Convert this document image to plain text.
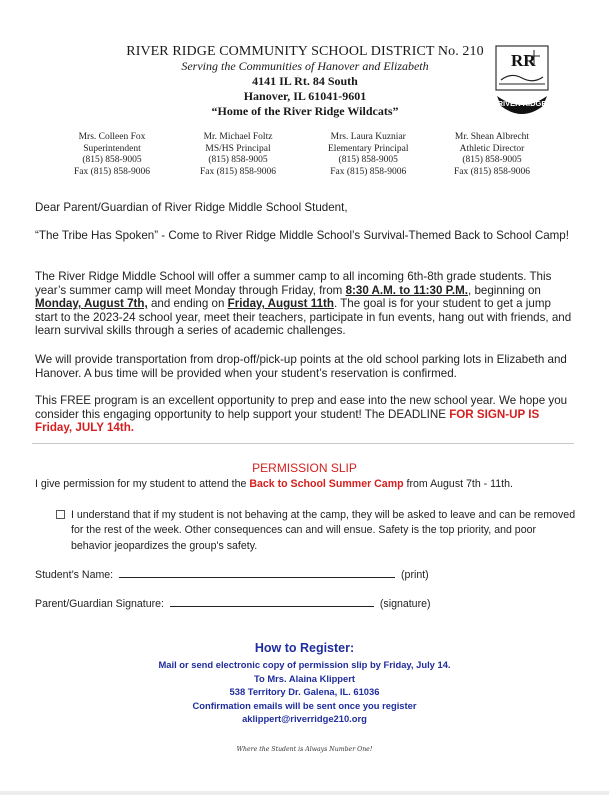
RIVER RIDGE COMMUNITY SCHOOL DISTRICT No. 210
Serving the Communities of Hanover and Elizabeth
4141 IL Rt. 84 South
Hanover, IL 61041-9601
“Home of the River Ridge Wildcats”
RR
RIVER RIDGE
Mrs. Colleen Fox
Superintendent
(815) 858-9005
Fax (815) 858-9006
Mr. Michael Foltz
MS/HS Principal
(815) 858-9005
Fax (815) 858-9006
Mrs. Laura Kuzniar
Elementary Principal
(815) 858-9005
Fax (815) 858-9006
Mr. Shean Albrecht
Athletic Director
(815) 858-9005
Fax (815) 858-9006
Dear Parent/Guardian of River Ridge Middle School Student,
“The Tribe Has Spoken” - Come to River Ridge Middle School’s Survival-Themed Back to School Camp!
The River Ridge Middle School will offer a summer camp to all incoming 6th-8th grade students. This year’s summer camp will meet Monday through Friday, from 8:30 A.M. to 11:30 P.M., beginning on Monday, August 7th, and ending on Friday, August 11th. The goal is for your student to get a jump start to the 2023-24 school year, meet their teachers, participate in fun events, hang out with friends, and learn survival skills through a series of academic challenges.
We will provide transportation from drop-off/pick-up points at the old school parking lots in Elizabeth and Hanover. A bus time will be provided when your student’s reservation is confirmed.
This FREE program is an excellent opportunity to prep and ease into the new school year. We hope you consider this engaging opportunity to help support your student! The DEADLINE FOR SIGN-UP IS Friday, JULY 14th.
PERMISSION SLIP
I give permission for my student to attend the Back to School Summer Camp from August 7th - 11th.
I understand that if my student is not behaving at the camp, they will be asked to leave and can be removed for the rest of the week. Other consequences can and will ensue. Safety is the top priority, and poor behavior jeopardizes the group's safety.
Student’s Name:	(print)
Parent/Guardian Signature:	(signature)
How to Register:
Mail or send electronic copy of permission slip by Friday, July 14.
To Mrs. Alaina Klippert
538 Territory Dr. Galena, IL. 61036
Confirmation emails will be sent once you register
aklippert@riverridge210.org
Where the Student is Always Number One!
